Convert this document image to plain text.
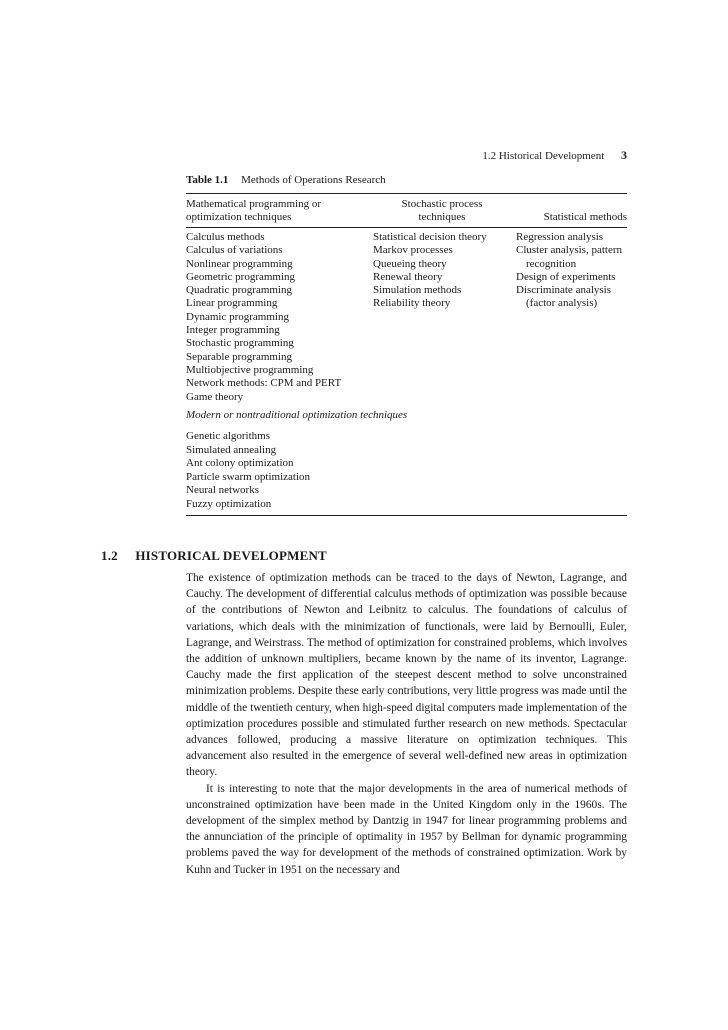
1.2 Historical Development 3
Table 1.1 Methods of Operations Research
Mathematical programming or
optimization techniques
Stochastic process
techniques	Statistical methods
Calculus methods
Calculus of variations
Nonlinear programming
Geometric programming
Quadratic programming
Linear programming
Dynamic programming
Integer programming
Stochastic programming
Separable programming
Multiobjective programming
Network methods: CPM and PERT
Game theory
Statistical decision theory
Markov processes
Queueing theory
Renewal theory
Simulation methods
Reliability theory
Regression analysis
Cluster analysis, pattern
recognition
Design of experiments
Discriminate analysis
(factor analysis)
Modern or nontraditional optimization techniques
Genetic algorithms
Simulated annealing
Ant colony optimization
Particle swarm optimization
Neural networks
Fuzzy optimization
1.2 HISTORICAL DEVELOPMENT

The existence of optimization methods can be traced to the days of Newton, Lagrange, and Cauchy. The development of differential calculus methods of optimization was possible because of the contributions of Newton and Leibnitz to calculus. The foundations of calculus of variations, which deals with the minimization of functionals, were laid by Bernoulli, Euler, Lagrange, and Weirstrass. The method of optimization for constrained problems, which involves the addition of unknown multipliers, became known by the name of its inventor, Lagrange. Cauchy made the first application of the steepest descent method to solve unconstrained minimization problems. Despite these early contributions, very little progress was made until the middle of the twentieth century, when high-speed digital computers made implementation of the optimization procedures possible and stimulated further research on new methods. Spectacular advances followed, producing a massive literature on optimization techniques. This advancement also resulted in the emergence of several well-defined new areas in optimization theory.

It is interesting to note that the major developments in the area of numerical methods of unconstrained optimization have been made in the United Kingdom only in the 1960s. The development of the simplex method by Dantzig in 1947 for linear programming problems and the annunciation of the principle of optimality in 1957 by Bellman for dynamic programming problems paved the way for development of the methods of constrained optimization. Work by Kuhn and Tucker in 1951 on the necessary and
